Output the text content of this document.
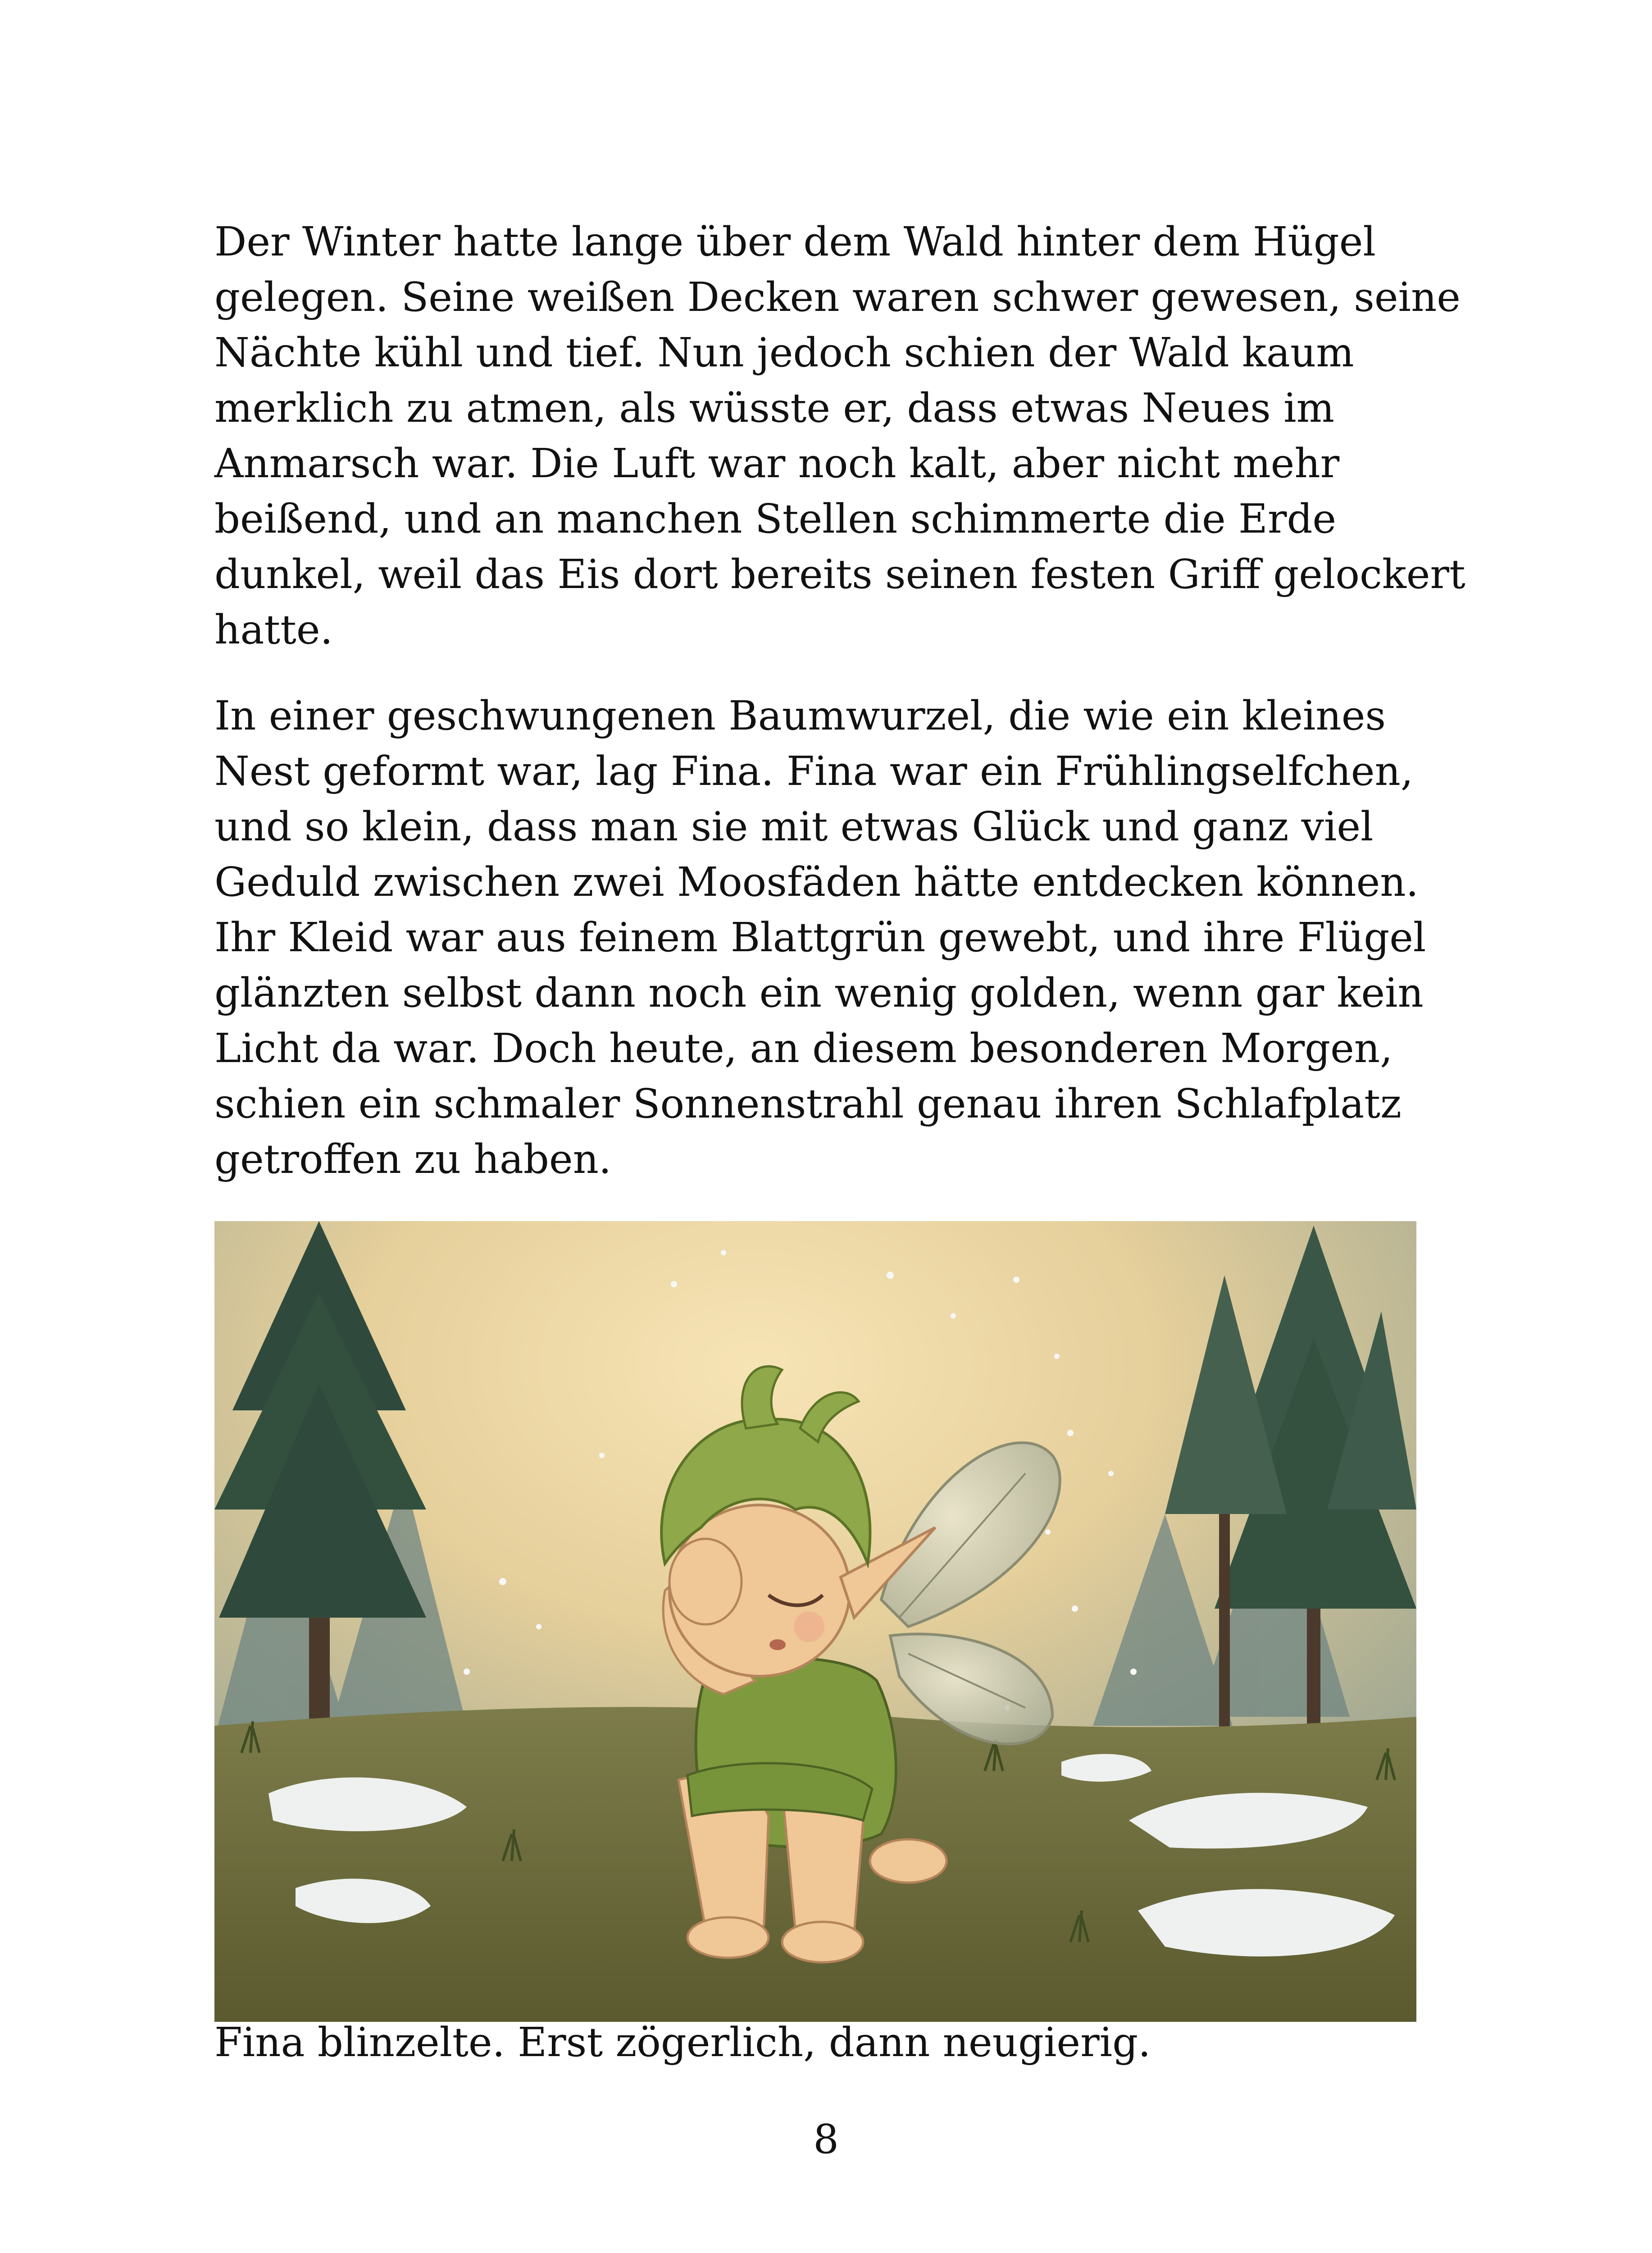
Der Winter hatte lange über dem Wald hinter dem Hügel
gelegen. Seine weißen Decken waren schwer gewesen, seine
Nächte kühl und tief. Nun jedoch schien der Wald kaum
merklich zu atmen, als wüsste er, dass etwas Neues im
Anmarsch war. Die Luft war noch kalt, aber nicht mehr
beißend, und an manchen Stellen schimmerte die Erde
dunkel, weil das Eis dort bereits seinen festen Griff gelockert
hatte.

In einer geschwungenen Baumwurzel, die wie ein kleines
Nest geformt war, lag Fina. Fina war ein Frühlingselfchen,
und so klein, dass man sie mit etwas Glück und ganz viel
Geduld zwischen zwei Moosfäden hätte entdecken können.
Ihr Kleid war aus feinem Blattgrün gewebt, und ihre Flügel
glänzten selbst dann noch ein wenig golden, wenn gar kein
Licht da war. Doch heute, an diesem besonderen Morgen,
schien ein schmaler Sonnenstrahl genau ihren Schlafplatz
getroffen zu haben.

Fina blinzelte. Erst zögerlich, dann neugierig.

8
